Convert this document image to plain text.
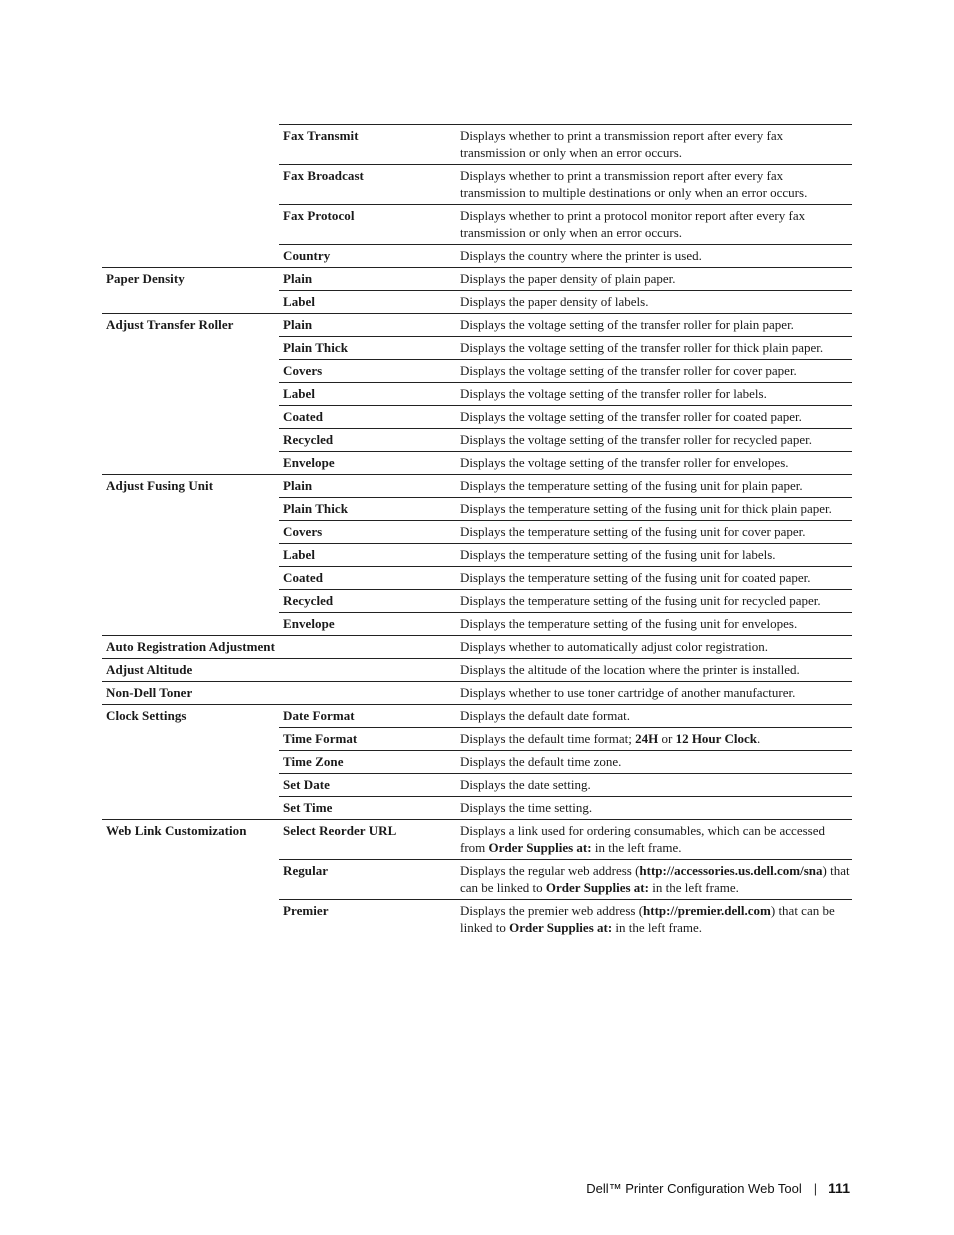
	Fax Transmit	Displays whether to print a transmission report after every fax transmission or only when an error occurs.
	Fax Broadcast	Displays whether to print a transmission report after every fax transmission to multiple destinations or only when an error occurs.
	Fax Protocol	Displays whether to print a protocol monitor report after every fax transmission or only when an error occurs.
	Country	Displays the country where the printer is used.
Paper Density	Plain	Displays the paper density of plain paper.
	Label	Displays the paper density of labels.
Adjust Transfer Roller	Plain	Displays the voltage setting of the transfer roller for plain paper.
	Plain Thick	Displays the voltage setting of the transfer roller for thick plain paper.
	Covers	Displays the voltage setting of the transfer roller for cover paper.
	Label	Displays the voltage setting of the transfer roller for labels.
	Coated	Displays the voltage setting of the transfer roller for coated paper.
	Recycled	Displays the voltage setting of the transfer roller for recycled paper.
	Envelope	Displays the voltage setting of the transfer roller for envelopes.
Adjust Fusing Unit	Plain	Displays the temperature setting of the fusing unit for plain paper.
	Plain Thick	Displays the temperature setting of the fusing unit for thick plain paper.
	Covers	Displays the temperature setting of the fusing unit for cover paper.
	Label	Displays the temperature setting of the fusing unit for labels.
	Coated	Displays the temperature setting of the fusing unit for coated paper.
	Recycled	Displays the temperature setting of the fusing unit for recycled paper.
	Envelope	Displays the temperature setting of the fusing unit for envelopes.
Auto Registration Adjustment		Displays whether to automatically adjust color registration.
Adjust Altitude		Displays the altitude of the location where the printer is installed.
Non-Dell Toner		Displays whether to use toner cartridge of another manufacturer.
Clock Settings	Date Format	Displays the default date format.
	Time Format	Displays the default time format; 24H or 12 Hour Clock.
	Time Zone	Displays the default time zone.
	Set Date	Displays the date setting.
	Set Time	Displays the time setting.
Web Link Customization	Select Reorder URL	Displays a link used for ordering consumables, which can be accessed from Order Supplies at: in the left frame.
	Regular	Displays the regular web address (http://accessories.us.dell.com/sna) that can be linked to Order Supplies at: in the left frame.
	Premier	Displays the premier web address (http://premier.dell.com) that can be linked to Order Supplies at: in the left frame.
Dell™ Printer Configuration Web Tool | 111
